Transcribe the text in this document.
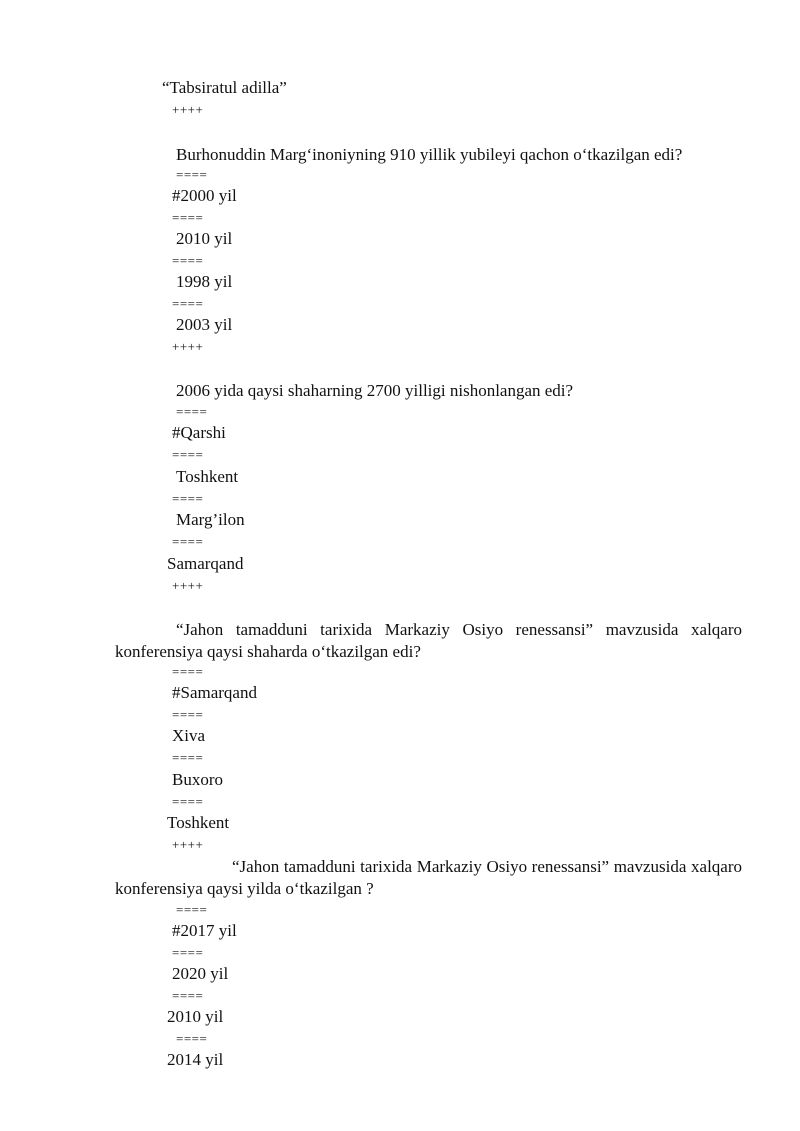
“Tabsiratul adilla”
++++
Burhonuddin Marg‘inoniyning 910 yillik yubileyi qachon o‘tkazilgan edi?
====
#2000 yil
====
2010 yil
====
1998 yil
====
2003 yil
++++
2006 yida qaysi shaharning 2700 yilligi nishonlangan edi?
====
#Qarshi
====
Toshkent
====
Marg’ilon
====
Samarqand
++++
“Jahon tamadduni tarixida Markaziy Osiyo renessansi” mavzusida xalqaro konferensiya qaysi shaharda o‘tkazilgan edi?
====
#Samarqand
====
Xiva
====
Buxoro
====
Toshkent
++++
“Jahon tamadduni tarixida Markaziy Osiyo renessansi” mavzusida xalqaro konferensiya qaysi yilda o‘tkazilgan ?
====
#2017 yil
====
2020 yil
====
2010 yil
====
2014 yil
